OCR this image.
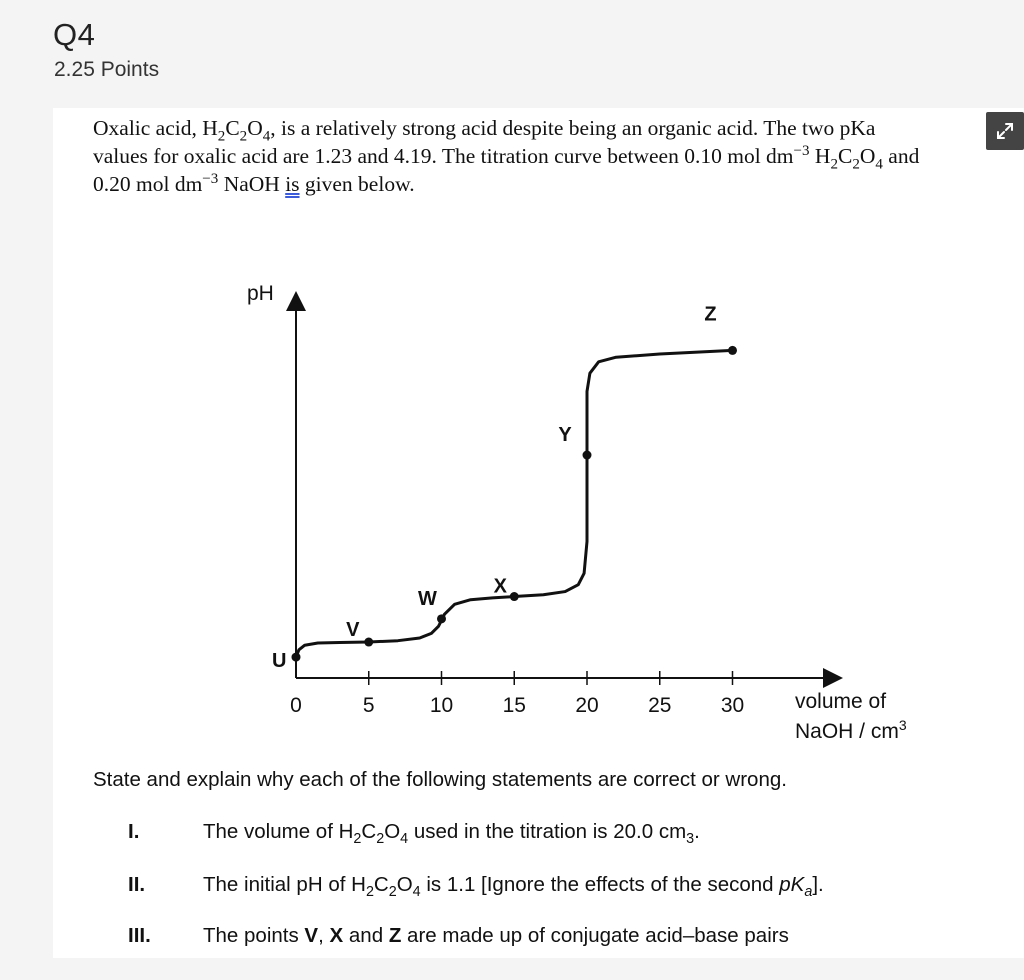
Q4
2.25 Points
Oxalic acid, $H_2C_2O_4$, is a relatively strong acid despite being an organic acid. The two pKa
values for oxalic acid are 1.23 and 4.19. The titration curve between 0.10 mol $dm^{-3}$ $H_2C_2O_4$ and
0.20 mol $dm^{-3}$ NaOH is given below.
pH
volume of
NaOH / $cm^3$
0	5	10 15 20 25 30
U
V
W
X
Y
Z
State and explain why each of the following statements are correct or wrong.
I.	The volume of $H_2C_2O_4$ used in the titration is 20.0 $cm_3$.
II.	The initial pH of $H_2C_2O_4$ is 1.1 [Ignore the effects of the second $pK_a$].
III.	The points V, X and Z are made up of conjugate acid–base pairs
